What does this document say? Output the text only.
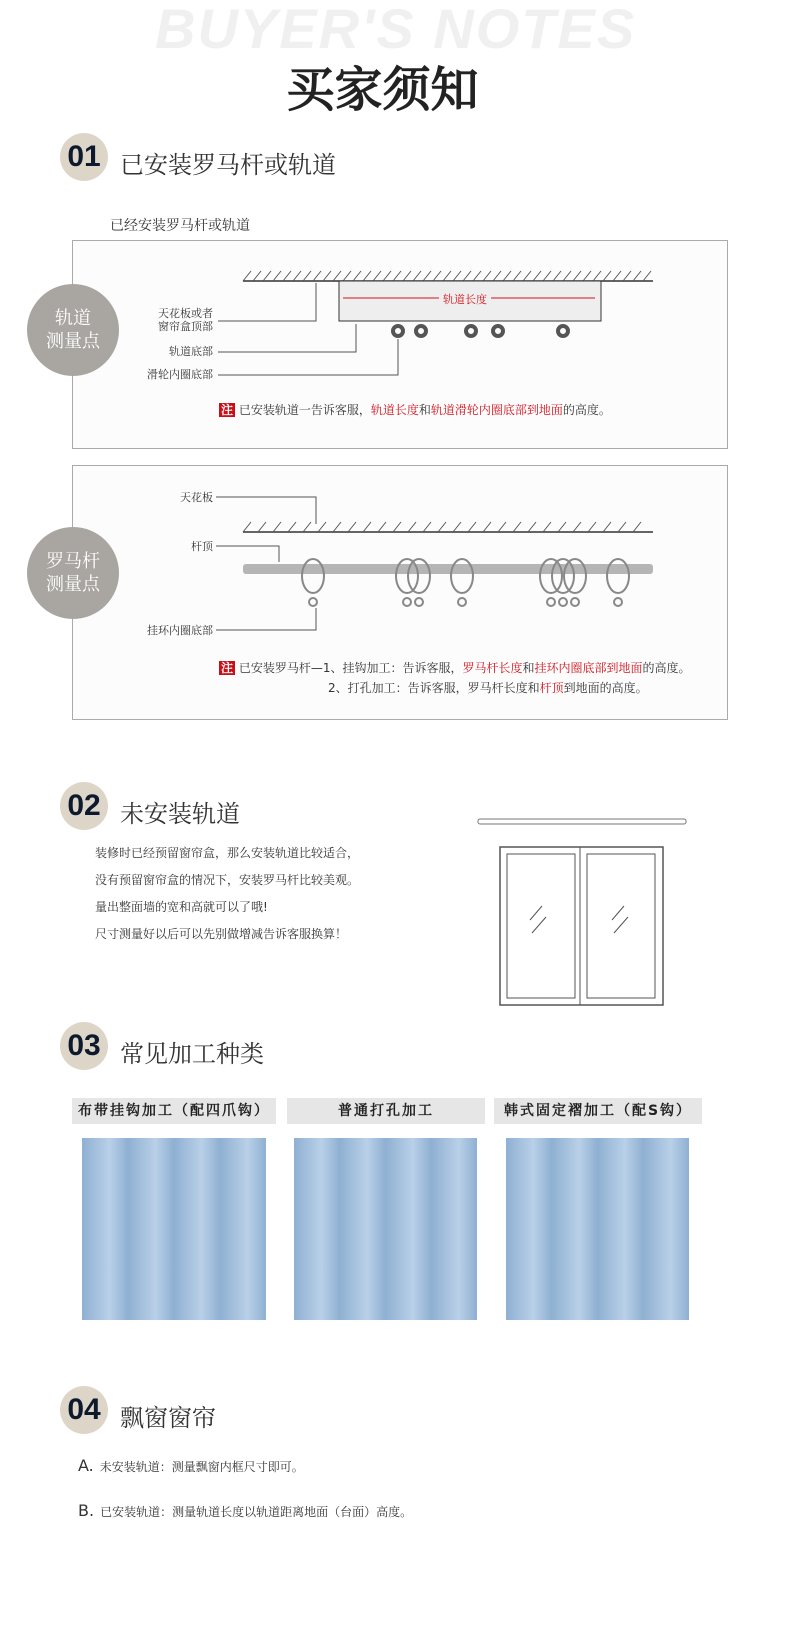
BUYER'S NOTES
买家须知
01 已安装罗马杆或轨道
已经安装罗马杆或轨道
轨道长度
天花板或者
窗帘盒顶部
轨道底部
滑轮内圈底部
注 已安装轨道一告诉客服，轨道长度和轨道滑轮内圈底部到地面的高度。
轨道
测量点
天花板
杆顶
挂环内圈底部
注 已安装罗马杆—1、挂钩加工：告诉客服，罗马杆长度和挂环内圈底部到地面的高度。
2、打孔加工：告诉客服，罗马杆长度和杆顶到地面的高度。
罗马杆
测量点
02 未安装轨道
装修时已经预留窗帘盒，那么安装轨道比较适合，
没有预留窗帘盒的情况下，安装罗马杆比较美观。
量出整面墙的宽和高就可以了哦!
尺寸测量好以后可以先别做增减告诉客服换算！
03 常见加工种类
布带挂钩加工（配四爪钩）	普通打孔加工	韩式固定褶加工（配S钩）
04 飘窗窗帘
A. 未安装轨道：测量飘窗内框尺寸即可。
B. 已安装轨道：测量轨道长度以轨道距离地面（台面）高度。
